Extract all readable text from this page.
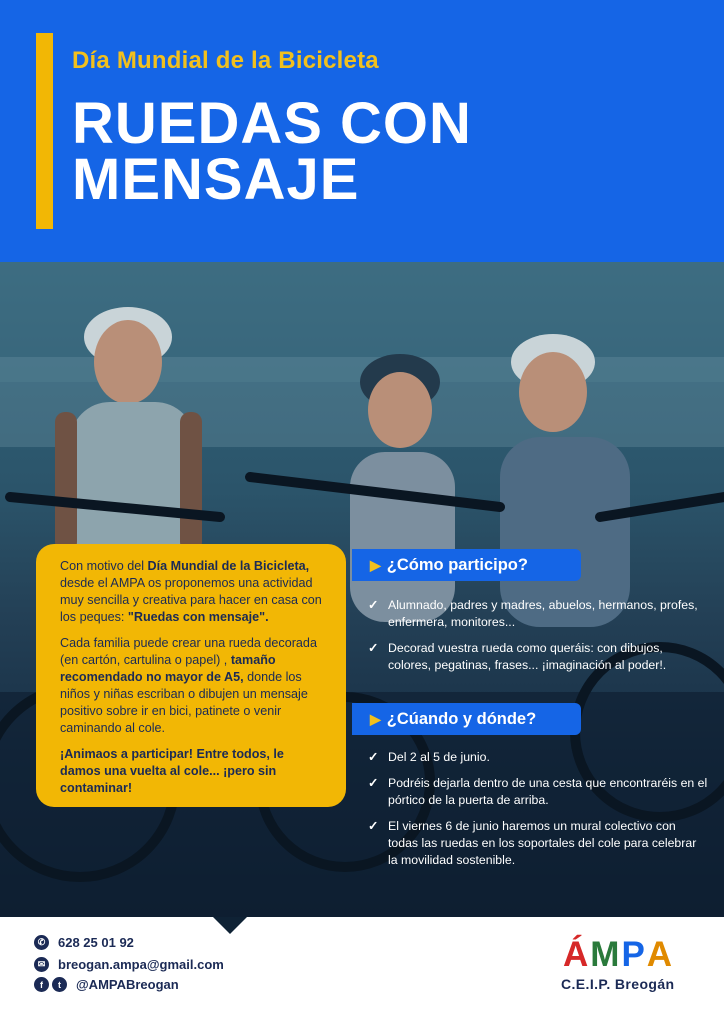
Día Mundial de la Bicicleta
RUEDAS CON MENSAJE

Con motivo del Día Mundial de la Bicicleta, desde el AMPA os proponemos una actividad muy sencilla y creativa para hacer en casa con los peques: "Ruedas con mensaje".

Cada familia puede crear una rueda decorada (en cartón, cartulina o papel) , tamaño recomendado no mayor de A5, donde los niños y niñas escriban o dibujen un mensaje positivo sobre ir en bici, patinete o venir caminando al cole.

¡Animaos a participar! Entre todos, le damos una vuelta al cole... ¡pero sin contaminar!

▶ ¿Cómo participo?
✓ Alumnado, padres y madres, abuelos, hermanos, profes, enfermera, monitores...
✓ Decorad vuestra rueda como queráis: con dibujos, colores, pegatinas, frases... ¡imaginación al poder!.
▶ ¿Cúando y dónde?
✓ Del 2 al 5 de junio.
✓ Podréis dejarla dentro de una cesta que encontraréis en el pórtico de la puerta de arriba.
✓ El viernes 6 de junio haremos un mural colectivo con todas las ruedas en los soportales del cole para celebrar la movilidad sostenible.
✆ 628 25 01 92
✉ breogan.ampa@gmail.com
f	t	@AMPABreogan
Á M P A
C.E.I.P. Breogán
